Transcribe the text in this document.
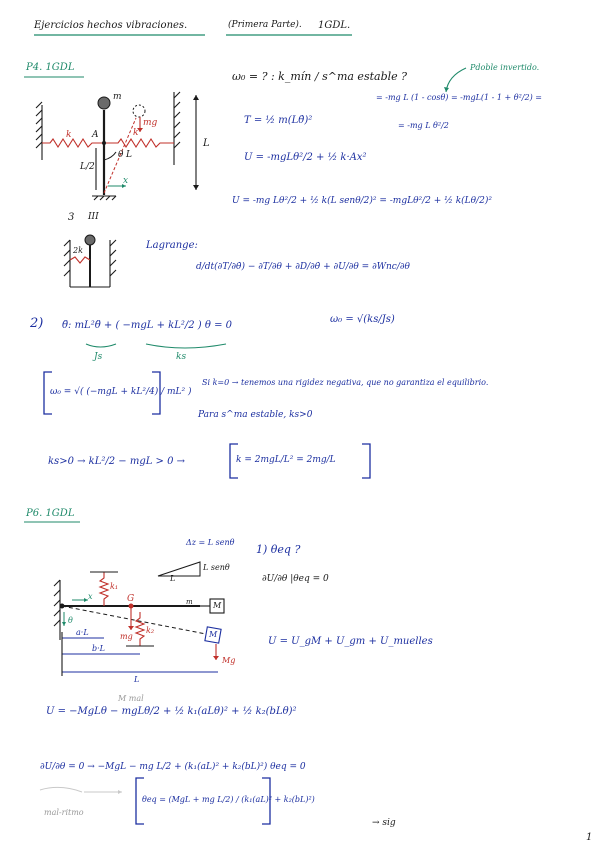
Ejercicios hechos vibraciones.	(Primera Parte). 1GDL.
P4. 1GDL
m
k	k
A
θ L
L/2
x
L
mg
3 III
2k
ω₀ = ? : k_mín / s^ma estable ?
Pdoble invertido.
= -mg L (1 - cosθ) = -mgL(1 - 1 + θ²/2) =
= -mg L θ²/2
T = ½ m(Lθ̇)²
U = -mgLθ²/2 + ½ k·Ax²
U = -mg Lθ²/2 + ½ k(L senθ/2)² = -mgLθ²/2 + ½ k(Lθ/2)²
Lagrange:
d/dt(∂T/∂θ̇) − ∂T/∂θ + ∂D/∂θ̇ + ∂U/∂θ = ∂Wnc/∂θ
ω₀ = √(ks/Js)
2) θ̈: mL²θ̈ + ( −mgL + kL²/2 ) θ = 0
Js	ks
ω₀ = √( (−mgL + kL²/4) / mL² )
Si k=0 → tenemos una rigidez negativa, que no garantiza el equilibrio.
Para s^ma estable, ks>0
ks>0 → kL²/2 − mgL > 0 →	k = 2mgL/L² = 2mg/L
P6. 1GDL
Δz = L senθ
L
L senθ
1) θeq ?
∂U/∂θ |θeq = 0
U = U_gM + U_gm + U_muelles
k₁
k₂
G
M
M
m
x
θ
a·L
b·L
L
Mg
mg
M mal
U = −MgLθ − mgLθ/2 + ½ k₁(aLθ)² + ½ k₂(bLθ)²
∂U/∂θ = 0 → −MgL − mg L/2 + (k₁(aL)² + k₂(bL)²) θeq = 0
θeq = (MgL + mg L/2) / (k₁(aL)² + k₂(bL)²)
mal-ritmo
→ sig
1
